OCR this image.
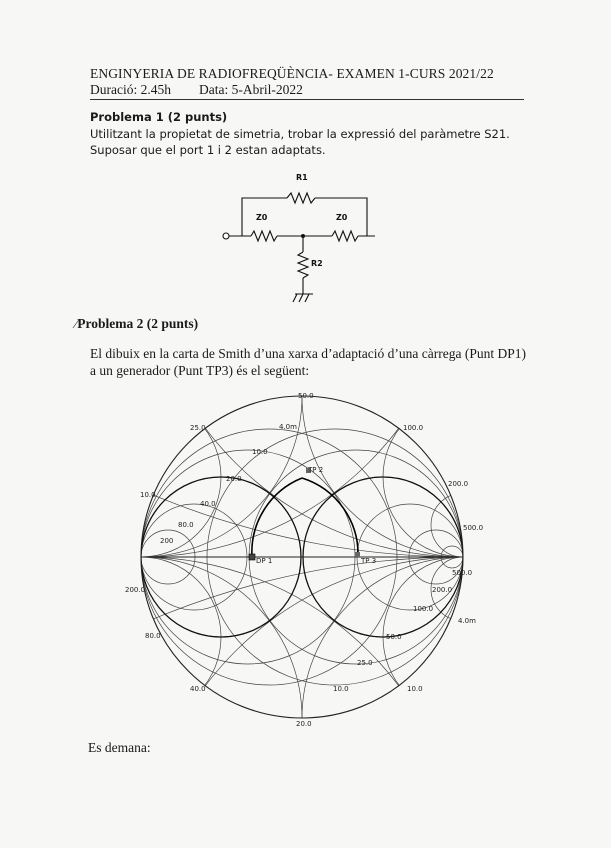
ENGINYERIA DE RADIOFREQÜÈNCIA- EXAMEN 1-CURS 2021/22
Duració: 2.45h Data: 5-Abril-2022
Problema 1 (2 punts)
Utilitzant la propietat de simetria, trobar la expressió del paràmetre S21. Suposar que el port 1 i 2 estan adaptats.
R1
Z0	Z0
R2
∕Problema 2 (2 punts)
El dibuix en la carta de Smith d’una xarxa d’adaptació d’una càrrega (Punt DP1) a un generador (Punt TP3) és el següent:
50.0
25.0	4.0m	100.0
10.0
TP 2
20.0
200.0
10.0
40.0
80.0	500.0
200
DP 1	TP 3
500.0
200.0	200.0
100.0
4.0m
80.0	50.0
25.0
40.0	10.0	10.0
20.0
Es demana:
